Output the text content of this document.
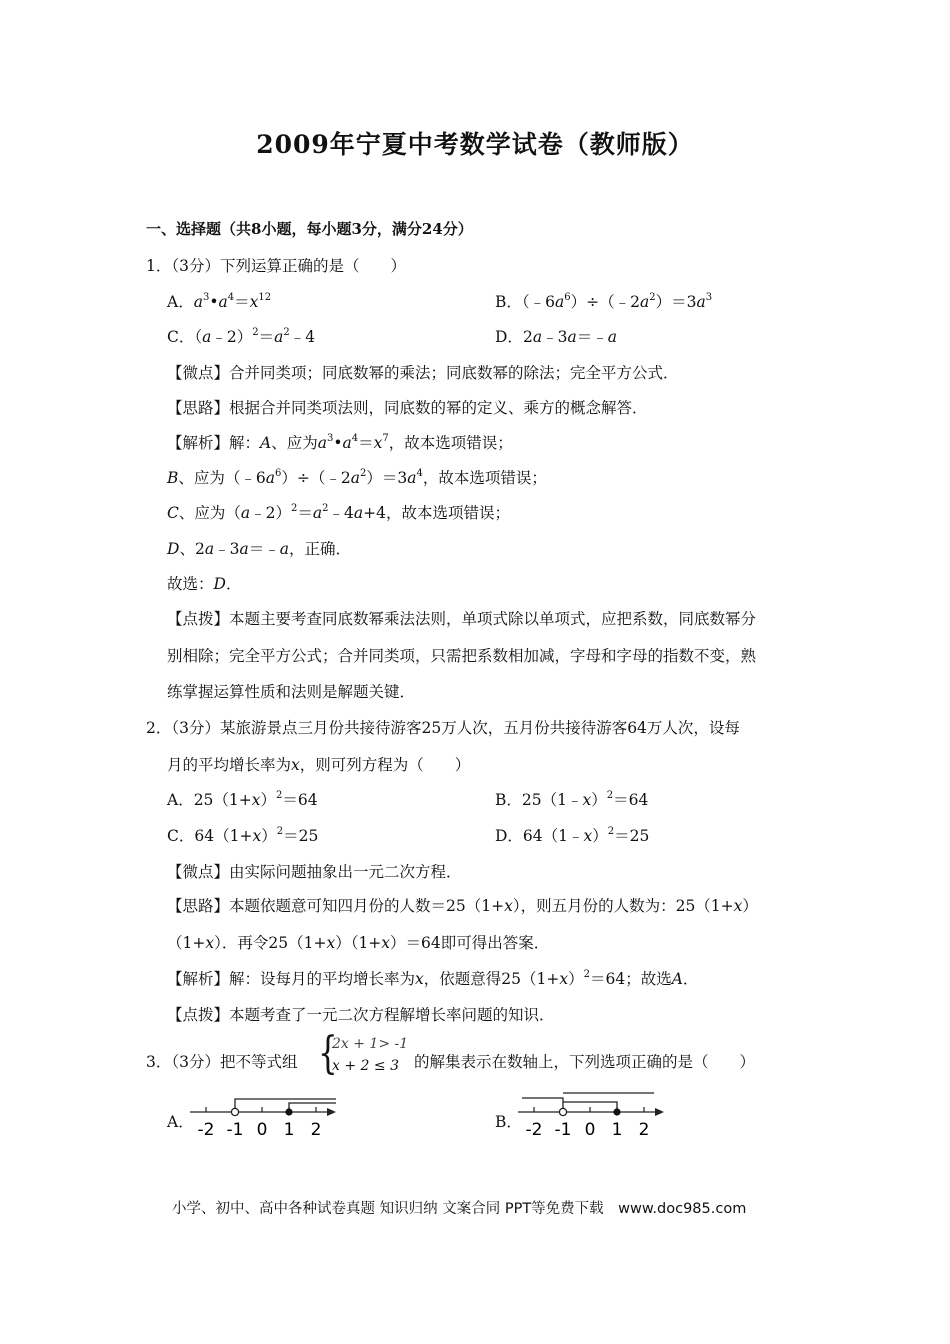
2009年宁夏中考数学试卷（教师版）
一、选择题（共8小题，每小题3分，满分24分）
1．（3分）下列运算正确的是（　　）
A．$a^3•a^4=x^{12}$	B．$(﹣6a^6)\div(﹣2a^2)=3a^3$
C．$(a﹣2)^2=a^2﹣4$	D．2a﹣3a＝﹣a
【微点】合并同类项；同底数幂的乘法；同底数幂的除法；完全平方公式．
【思路】根据合并同类项法则，同底数的幂的定义、乘方的概念解答．
【解析】解：A、应为$a^3•a^4=x^7$，故本选项错误；
B、应为$(﹣6a^6)\div(﹣2a^2)=3a^4$，故本选项错误；
C、应为$(a﹣2)^2=a^2﹣4a+4$，故本选项错误；
D、2a﹣3a＝﹣a，正确．
故选：D．
【点拨】本题主要考查同底数幂乘法法则，单项式除以单项式，应把系数，同底数幂分
别相除；完全平方公式；合并同类项，只需把系数相加减，字母和字母的指数不变，熟
练掌握运算性质和法则是解题关键．
2．（3分）某旅游景点三月份共接待游客25万人次，五月份共接待游客64万人次，设每
月的平均增长率为x，则可列方程为（　　）
A．$25(1+x)^2=64$	B．25（1﹣x）$^2$＝64
C．$64(1+x)^2=25$	D．64（1﹣x）$^2$＝25
【微点】由实际问题抽象出一元二次方程．
【思路】本题依题意可知四月份的人数＝25（1+x），则五月份的人数为：25（1+x）
（1+x）．再令25（1+x）（1+x）＝64即可得出答案．
【解析】解：设每月的平均增长率为x，依题意得$25(1+x)^2=64$；故选A．
【点拨】本题考查了一元二次方程解增长率问题的知识．
3．（3分）把不等式组 {
2x + 1> -1
x + 2 ≤ 3 的解集表示在数轴上，下列选项正确的是（　　）
A． -2 -1 0 1 2	B． -2 -1 0 1 2
小学、初中、高中各种试卷真题 知识归纳 文案合同 PPT等免费下载　www.doc985.com
